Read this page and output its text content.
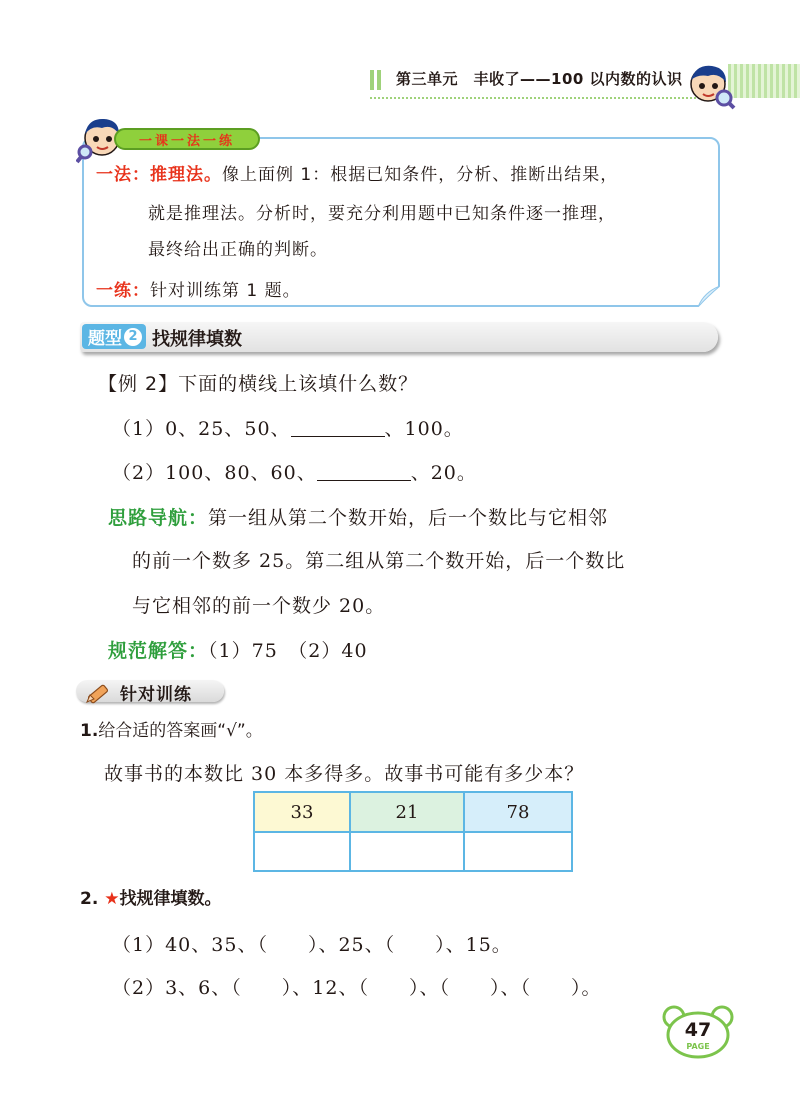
第三单元　丰收了——100 以内数的认识
一课一法一练
一法：推理法。像上面例 1：根据已知条件，分析、推断出结果，
就是推理法。分析时，要充分利用题中已知条件逐一推理，
最终给出正确的判断。
一练：针对训练第 1 题。
题型 2 找规律填数
【例 2】下面的横线上该填什么数？
（1）0、25、50、	、100。
（2）100、80、60、	、20。
思路导航：第一组从第二个数开始，后一个数比与它相邻
的前一个数多 25。第二组从第二个数开始，后一个数比
与它相邻的前一个数少 20。
规范解答：（1）75　（2）40
针对训练
1.给合适的答案画“√”。
故事书的本数比 30 本多得多。故事书可能有多少本？
33	21	78

2. ★找规律填数。
（1）40、35、（　　）、25、（　　）、15。
（2）3、6、（　　）、12、（　　）、（　　）、（　　）。
47
PAGE
